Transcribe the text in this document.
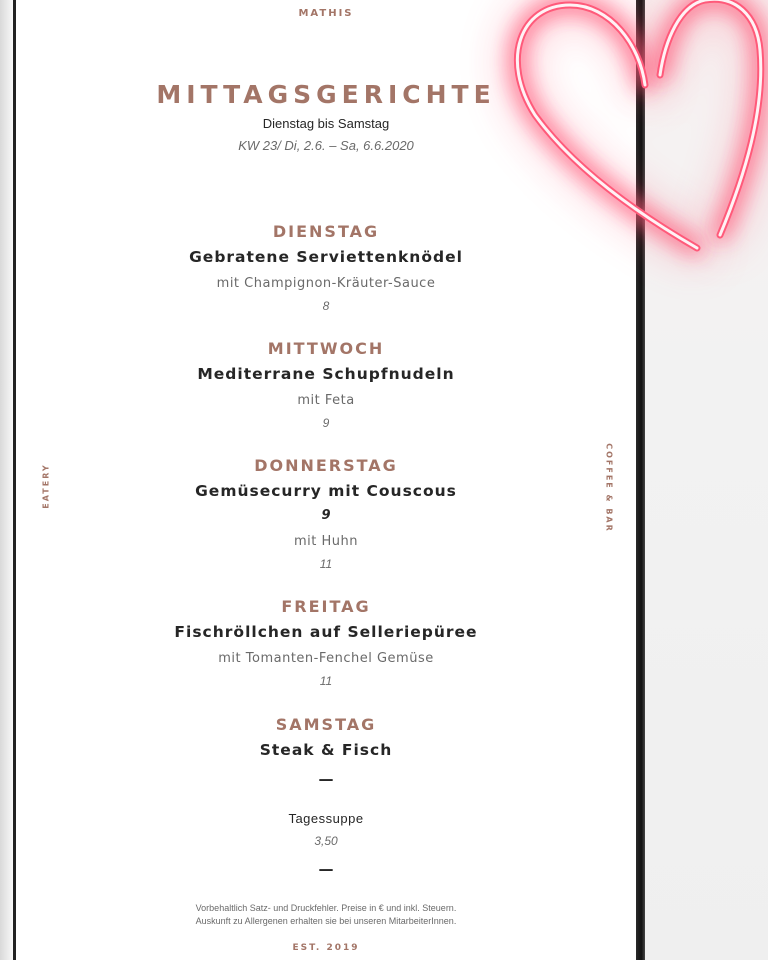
MATHIS
MITTAGSGERICHTE
Dienstag bis Samstag
KW 23/ Di, 2.6. – Sa, 6.6.2020
DIENSTAG
Gebratene Serviettenknödel
mit Champignon-Kräuter-Sauce
8
MITTWOCH
Mediterrane Schupfnudeln
mit Feta
9
DONNERSTAG
Gemüsecurry mit Couscous
9
mit Huhn
11
FREITAG
Fischröllchen auf Selleriepüree
mit Tomanten-Fenchel Gemüse
11
SAMSTAG
Steak & Fisch
—
Tagessuppe
3,50
—
Vorbehaltlich Satz- und Druckfehler. Preise in € und inkl. Steuern.
Auskunft zu Allergenen erhalten sie bei unseren MitarbeiterInnen.
EST. 2019
EATERY	COFFEE & BAR
